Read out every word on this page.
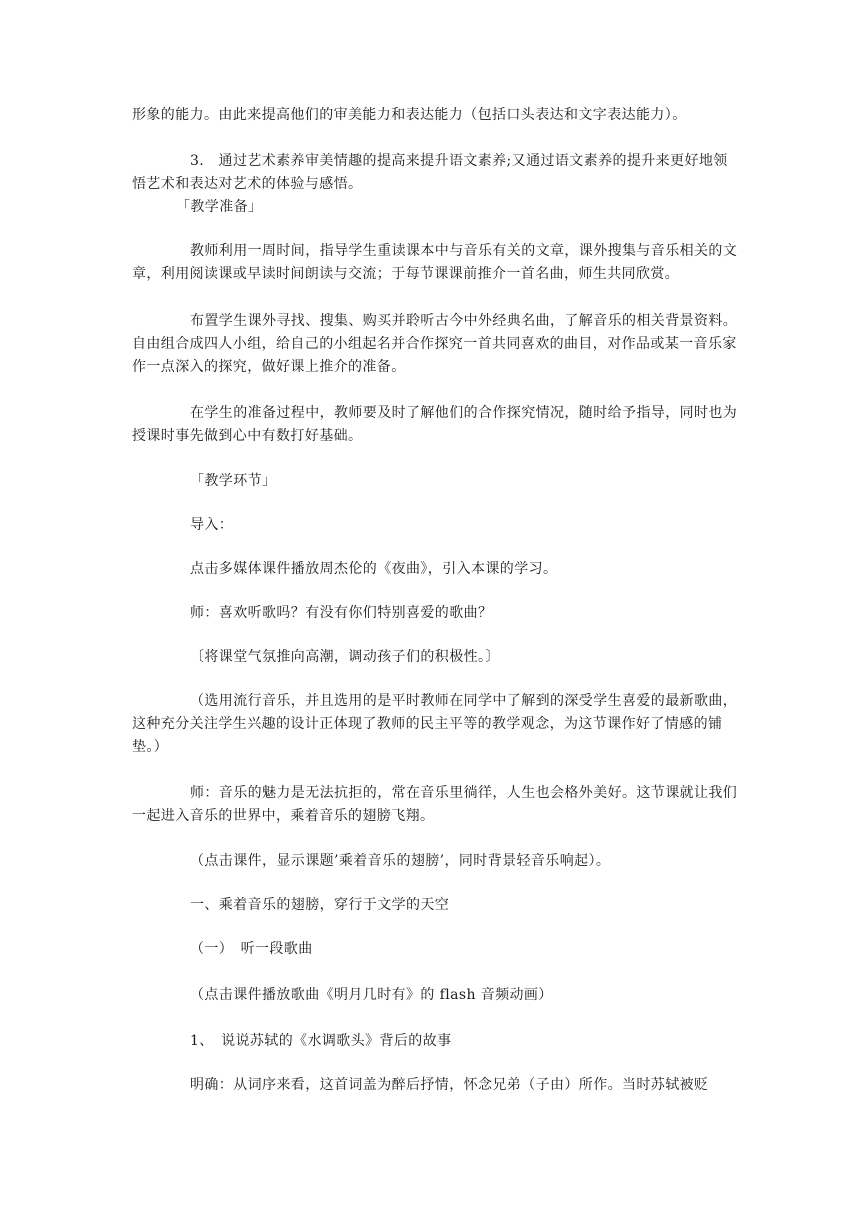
形象的能力。由此来提高他们的审美能力和表达能力（包括口头表达和文字表达能力）。

3.　通过艺术素养审美情趣的提高来提升语文素养;又通过语文素养的提升来更好地领悟艺术和表达对艺术的体验与感悟。

「教学准备」

教师利用一周时间，指导学生重读课本中与音乐有关的文章，课外搜集与音乐相关的文章，利用阅读课或早读时间朗读与交流；于每节课课前推介一首名曲，师生共同欣赏。

布置学生课外寻找、搜集、购买并聆听古今中外经典名曲，了解音乐的相关背景资料。自由组合成四人小组，给自己的小组起名并合作探究一首共同喜欢的曲目，对作品或某一音乐家作一点深入的探究，做好课上推介的准备。

在学生的准备过程中，教师要及时了解他们的合作探究情况，随时给予指导，同时也为授课时事先做到心中有数打好基础。

「教学环节」

导入：

点击多媒体课件播放周杰伦的《夜曲》，引入本课的学习。

师：喜欢听歌吗？有没有你们特别喜爱的歌曲？

〔将课堂气氛推向高潮，调动孩子们的积极性。〕

（选用流行音乐，并且选用的是平时教师在同学中了解到的深受学生喜爱的最新歌曲，这种充分关注学生兴趣的设计正体现了教师的民主平等的教学观念，为这节课作好了情感的铺垫。）

师：音乐的魅力是无法抗拒的，常在音乐里徜徉，人生也会格外美好。这节课就让我们一起进入音乐的世界中，乘着音乐的翅膀飞翔。

（点击课件，显示课题’乘着音乐的翅膀’，同时背景轻音乐响起）。

一、乘着音乐的翅膀，穿行于文学的天空

（一）　听一段歌曲

（点击课件播放歌曲《明月几时有》的 flash 音频动画）

1、　说说苏轼的《水调歌头》背后的故事

明确：从词序来看，这首词盖为醉后抒情，怀念兄弟（子由）所作。当时苏轼被贬
